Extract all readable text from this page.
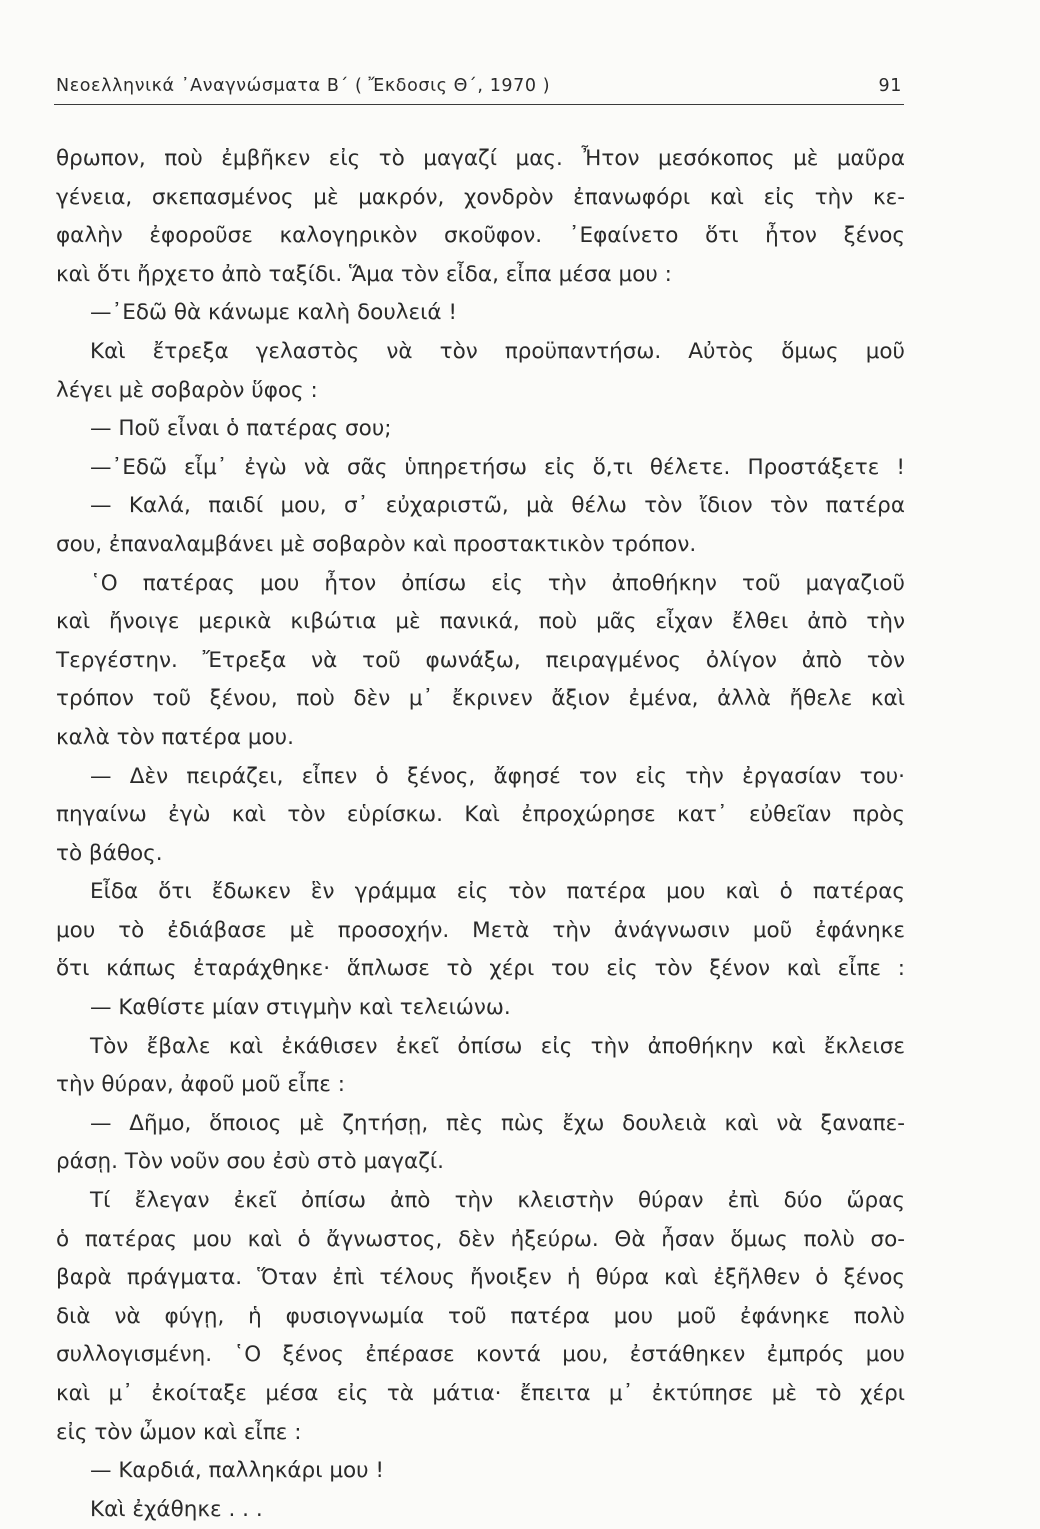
Νεοελληνικά ᾿Αναγνώσματα Β΄ ( Ἔκδοσις Θ΄, 1970 )	91
θρωπον, ποὺ ἐμβῆκεν εἰς τὸ μαγαζί μας. Ἦτον μεσόκοπος μὲ μαῦρα
γένεια, σκεπασμένος μὲ μακρόν, χονδρὸν ἐπανωφόρι καὶ εἰς τὴν κε-
φαλὴν ἐφοροῦσε καλογηρικὸν σκοῦφον. ᾿Εφαίνετο ὅτι ἦτον ξένος
καὶ ὅτι ἤρχετο ἀπὸ ταξίδι. Ἅμα τὸν εἶδα, εἶπα μέσα μου :
—᾿Εδῶ θὰ κάνωμε καλὴ δουλειά !
Καὶ ἔτρεξα γελαστὸς νὰ τὸν προϋπαντήσω. Αὐτὸς ὅμως μοῦ
λέγει μὲ σοβαρὸν ὕφος :
— Ποῦ εἶναι ὁ πατέρας σου;
—᾿Εδῶ εἶμ᾿ ἐγὼ νὰ σᾶς ὑπηρετήσω εἰς ὅ,τι θέλετε. Προστάξετε !
— Καλά, παιδί μου, σ᾿ εὐχαριστῶ, μὰ θέλω τὸν ἴδιον τὸν πατέρα
σου, ἐπαναλαμβάνει μὲ σοβαρὸν καὶ προστακτικὸν τρόπον.
῾Ο πατέρας μου ἦτον ὀπίσω εἰς τὴν ἀποθήκην τοῦ μαγαζιοῦ
καὶ ἤνοιγε μερικὰ κιβώτια μὲ πανικά, ποὺ μᾶς εἶχαν ἔλθει ἀπὸ τὴν
Τεργέστην. Ἔτρεξα νὰ τοῦ φωνάξω, πειραγμένος ὀλίγον ἀπὸ τὸν
τρόπον τοῦ ξένου, ποὺ δὲν μ᾿ ἔκρινεν ἄξιον ἐμένα, ἀλλὰ ἤθελε καὶ
καλὰ τὸν πατέρα μου.
— Δὲν πειράζει, εἶπεν ὁ ξένος, ἄφησέ τον εἰς τὴν ἐργασίαν του·
πηγαίνω ἐγὼ καὶ τὸν εὑρίσκω. Καὶ ἐπροχώρησε κατ᾿ εὐθεῖαν πρὸς
τὸ βάθος.
Εἶδα ὅτι ἔδωκεν ἓν γράμμα εἰς τὸν πατέρα μου καὶ ὁ πατέρας
μου τὸ ἐδιάβασε μὲ προσοχήν. Μετὰ τὴν ἀνάγνωσιν μοῦ ἐφάνηκε
ὅτι κάπως ἐταράχθηκε· ἅπλωσε τὸ χέρι του εἰς τὸν ξένον καὶ εἶπε :
— Καθίστε μίαν στιγμὴν καὶ τελειώνω.
Τὸν ἔβαλε καὶ ἐκάθισεν ἐκεῖ ὀπίσω εἰς τὴν ἀποθήκην καὶ ἔκλεισε
τὴν θύραν, ἀφοῦ μοῦ εἶπε :
— Δῆμο, ὅποιος μὲ ζητήσῃ, πὲς πὼς ἔχω δουλειὰ καὶ νὰ ξαναπε-
ράσῃ. Τὸν νοῦν σου ἐσὺ στὸ μαγαζί.
Τί ἔλεγαν ἐκεῖ ὀπίσω ἀπὸ τὴν κλειστὴν θύραν ἐπὶ δύο ὥρας
ὁ πατέρας μου καὶ ὁ ἄγνωστος, δὲν ἠξεύρω. Θὰ ἦσαν ὅμως πολὺ σο-
βαρὰ πράγματα. Ὅταν ἐπὶ τέλους ἤνοιξεν ἡ θύρα καὶ ἐξῆλθεν ὁ ξένος
διὰ νὰ φύγῃ, ἡ φυσιογνωμία τοῦ πατέρα μου μοῦ ἐφάνηκε πολὺ
συλλογισμένη. ῾Ο ξένος ἐπέρασε κοντά μου, ἐστάθηκεν ἐμπρός μου
καὶ μ᾿ ἐκοίταξε μέσα εἰς τὰ μάτια· ἔπειτα μ᾿ ἐκτύπησε μὲ τὸ χέρι
εἰς τὸν ὦμον καὶ εἶπε :
— Καρδιά, παλληκάρι μου !
Καὶ ἐχάθηκε . . .
